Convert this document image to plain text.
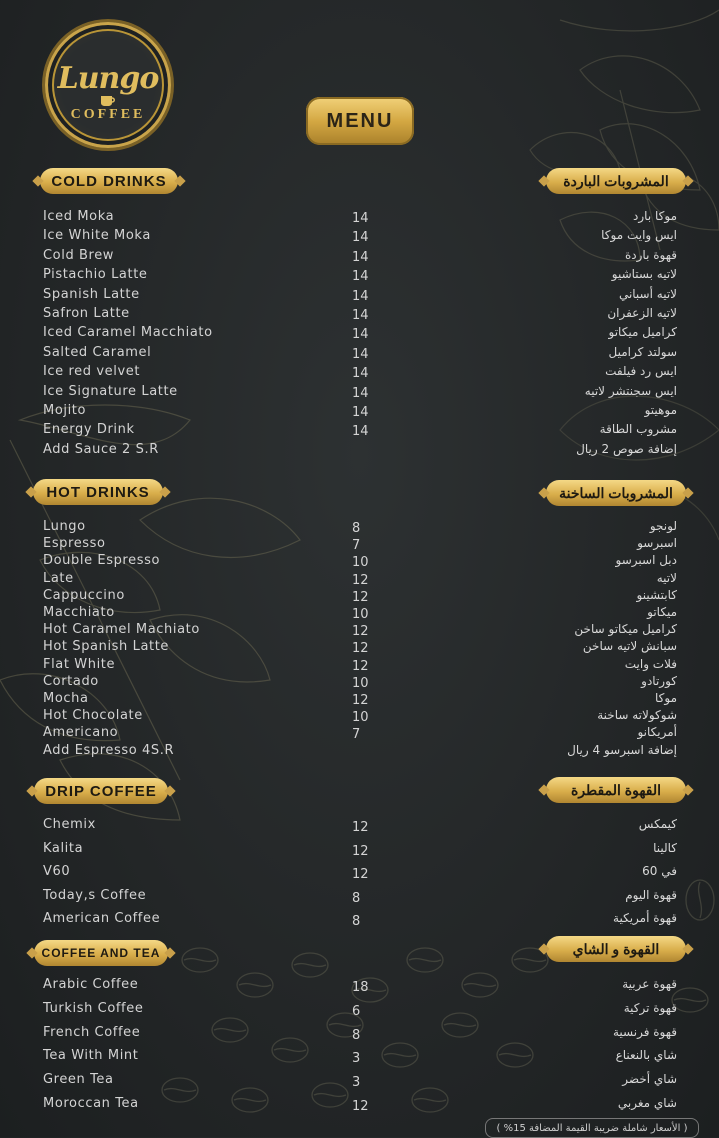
Lungo
COFFEE	MENU
COLD DRINKS	المشروبات الباردة
HOT DRINKS	المشروبات الساخنة
DRIP COFFEE	القهوة المقطرة
COFFEE AND TEA	القهوة و الشاي
Iced Moka	14	موكا بارد
Ice White Moka	14	ايس وايت موكا
Cold Brew	14	قهوة باردة
Pistachio Latte	14	لاتيه بستاشيو
Spanish Latte	14	لاتيه أسباني
Safron Latte	14	لاتيه الزعفران
Iced Caramel Macchiato	14	كراميل ميكاتو
Salted Caramel	14	سولتد كراميل
Ice red velvet	14	ايس رد فيلفت
Ice Signature Latte	14	ايس سجنتشر لاتيه
Mojito	14	موهيتو
Energy Drink	14	مشروب الطاقة
Add Sauce 2 S.R	إضافة صوص 2 ريال
Lungo	8	لونجو
Espresso	7	اسبرسو
Double Espresso	10	دبل اسبرسو
Late	12	لاتيه
Cappuccino	12	كابتشينو
Macchiato	10	ميكاتو
Hot Caramel Machiato	12	كراميل ميكاتو ساخن
Hot Spanish Latte	12	سبانش لاتيه ساخن
Flat White	12	فلات وايت
Cortado	10	كورتادو
Mocha	12	موكا
Hot Chocolate	10	شوكولاته ساخنة
Americano	7	أمريكانو
Add Espresso 4S.R	إضافة اسبرسو 4 ريال
Chemix	12	كيمكس
Kalita	12	كالينا
V60	12	في 60
Today,s Coffee	8	قهوة اليوم
American Coffee	8	قهوة أمريكية
Arabic Coffee	18	قهوة عربية
Turkish Coffee	6	قهوة تركية
French Coffee	8	قهوة فرنسية
Tea With Mint	3	شاي بالنعناع
Green Tea	3	شاي أخضر
Moroccan Tea	12	شاي مغربي
( الأسعار شاملة ضريبة القيمة المضافة 15% )
